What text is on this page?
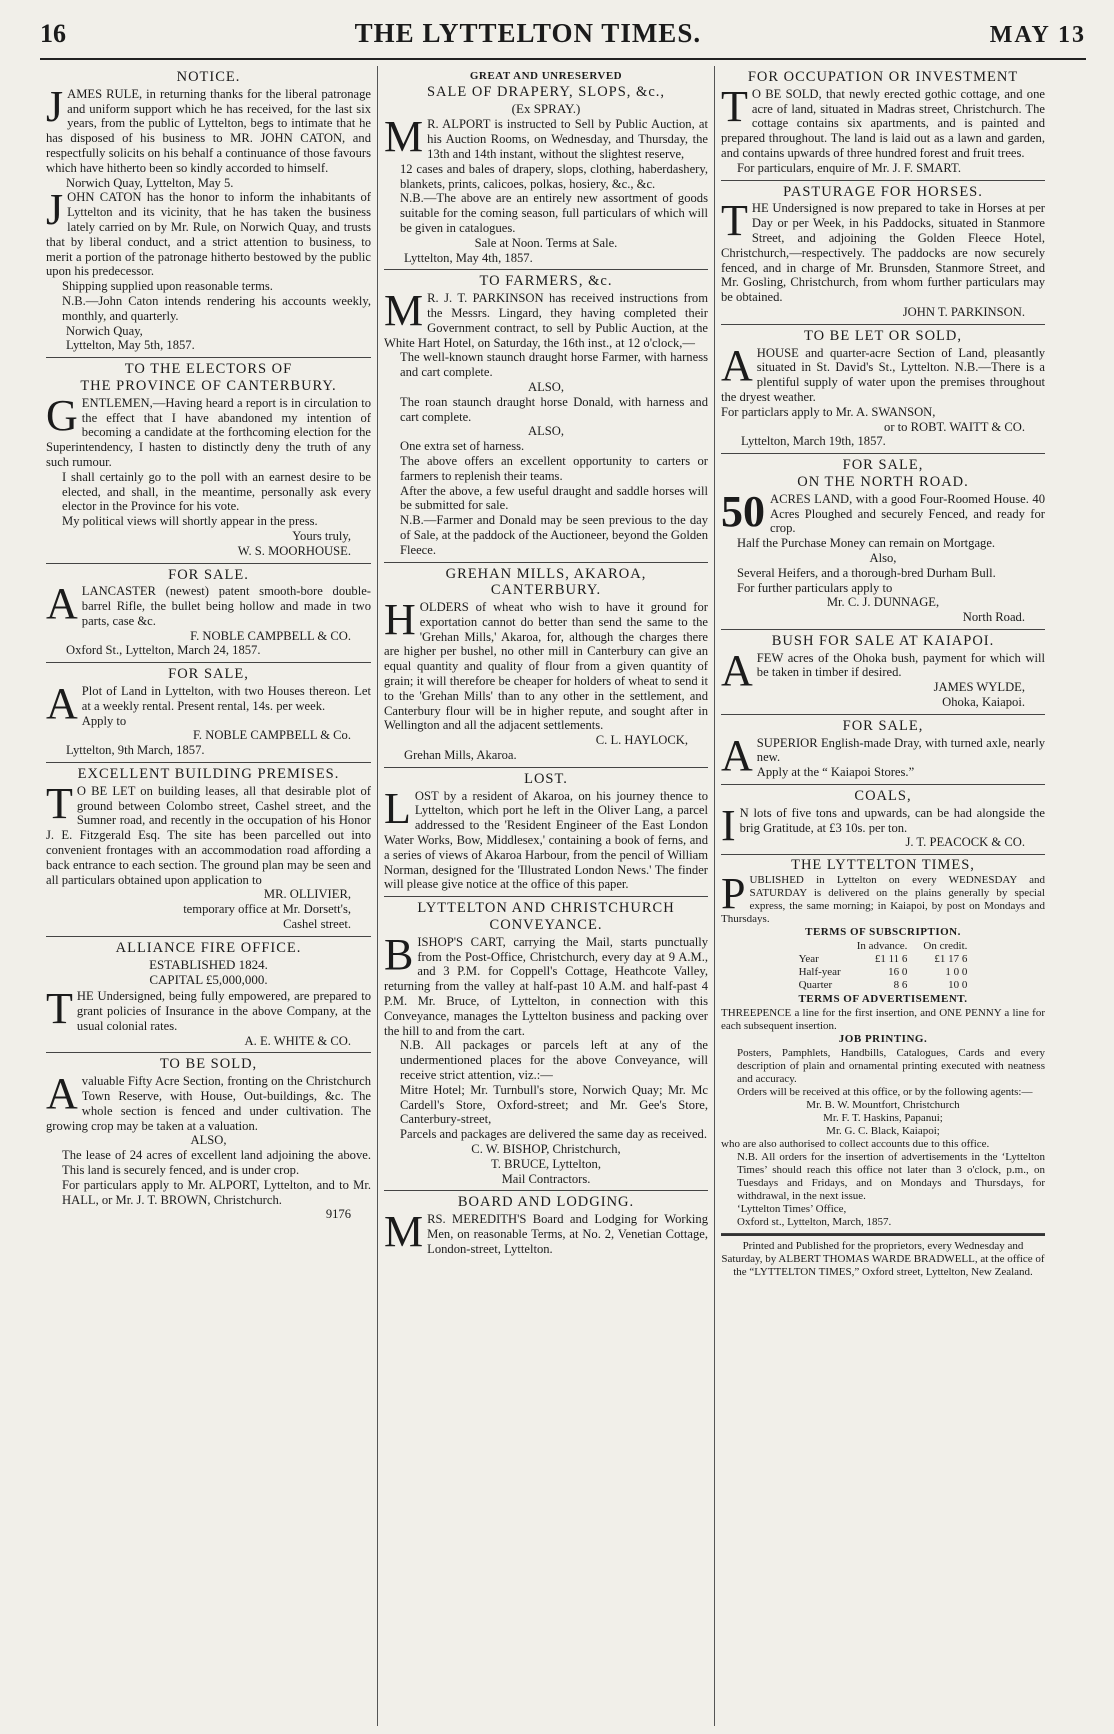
16	THE LYTTELTON TIMES.	MAY 13
NOTICE.

JAMES RULE, in returning thanks for the liberal patronage and uniform support which he has received, for the last six years, from the public of Lyttelton, begs to intimate that he has disposed of his business to MR. JOHN CATON, and respectfully solicits on his behalf a continuance of those favours which have hitherto been so kindly accorded to himself.

Norwich Quay, Lyttelton, May 5.

JOHN CATON has the honor to inform the inhabitants of Lyttelton and its vicinity, that he has taken the business lately carried on by Mr. Rule, on Norwich Quay, and trusts that by liberal conduct, and a strict attention to business, to merit a portion of the patronage hitherto bestowed by the public upon his predecessor.

Shipping supplied upon reasonable terms.

N.B.—John Caton intends rendering his accounts weekly, monthly, and quarterly.

Norwich Quay,

Lyttelton, May 5th, 1857.

TO THE ELECTORS OF
THE PROVINCE OF CANTERBURY.

GENTLEMEN,—Having heard a report is in circulation to the effect that I have abandoned my intention of becoming a candidate at the forthcoming election for the Superintendency, I hasten to distinctly deny the truth of any such rumour.

I shall certainly go to the poll with an earnest desire to be elected, and shall, in the meantime, personally ask every elector in the Province for his vote.

My political views will shortly appear in the press.

Yours truly,

W. S. MOORHOUSE.

FOR SALE.

ALANCASTER (newest) patent smooth-bore double-barrel Rifle, the bullet being hollow and made in two parts, case &c.

F. NOBLE CAMPBELL & CO.

Oxford St., Lyttelton, March 24, 1857.

FOR SALE,

APlot of Land in Lyttelton, with two Houses thereon. Let at a weekly rental. Present rental, 14s. per week.

Apply to

F. NOBLE CAMPBELL & Co.

Lyttelton, 9th March, 1857.

EXCELLENT BUILDING PREMISES.

TO BE LET on building leases, all that desirable plot of ground between Colombo street, Cashel street, and the Sumner road, and recently in the occupation of his Honor J. E. Fitzgerald Esq. The site has been parcelled out into convenient frontages with an accommodation road affording a back entrance to each section. The ground plan may be seen and all particulars obtained upon application to

MR. OLLIVIER,

temporary office at Mr. Dorsett's,

Cashel street.

ALLIANCE FIRE OFFICE.

ESTABLISHED 1824.

CAPITAL £5,000,000.

THE Undersigned, being fully empowered, are prepared to grant policies of Insurance in the above Company, at the usual colonial rates.

A. E. WHITE & CO.

TO BE SOLD,

Avaluable Fifty Acre Section, fronting on the Christchurch Town Reserve, with House, Out-buildings, &c. The whole section is fenced and under cultivation. The growing crop may be taken at a valuation.

ALSO,

The lease of 24 acres of excellent land adjoining the above. This land is securely fenced, and is under crop.

For particulars apply to Mr. ALPORT, Lyttelton, and to Mr. HALL, or Mr. J. T. BROWN, Christchurch.

9176

GREAT AND UNRESERVED
SALE OF DRAPERY, SLOPS, &c.,

(Ex SPRAY.)

MR. ALPORT is instructed to Sell by Public Auction, at his Auction Rooms, on Wednesday, and Thursday, the 13th and 14th instant, without the slightest reserve,

12 cases and bales of drapery, slops, clothing, haberdashery, blankets, prints, calicoes, polkas, hosiery, &c., &c.

N.B.—The above are an entirely new assortment of goods suitable for the coming season, full particulars of which will be given in catalogues.

Sale at Noon. Terms at Sale.

Lyttelton, May 4th, 1857.

TO FARMERS, &c.

MR. J. T. PARKINSON has received instructions from the Messrs. Lingard, they having completed their Government contract, to sell by Public Auction, at the White Hart Hotel, on Saturday, the 16th inst., at 12 o'clock,—

The well-known staunch draught horse Farmer, with harness and cart complete.

ALSO,

The roan staunch draught horse Donald, with harness and cart complete.

ALSO,

One extra set of harness.

The above offers an excellent opportunity to carters or farmers to replenish their teams.

After the above, a few useful draught and saddle horses will be submitted for sale.

N.B.—Farmer and Donald may be seen previous to the day of Sale, at the paddock of the Auctioneer, beyond the Golden Fleece.

GREHAN MILLS, AKAROA,
CANTERBURY.

HOLDERS of wheat who wish to have it ground for exportation cannot do better than send the same to the 'Grehan Mills,' Akaroa, for, although the charges there are higher per bushel, no other mill in Canterbury can give an equal quantity and quality of flour from a given quantity of grain; it will therefore be cheaper for holders of wheat to send it to the 'Grehan Mills' than to any other in the settlement, and Canterbury flour will be in higher repute, and sought after in Wellington and all the adjacent settlements.

C. L. HAYLOCK,

Grehan Mills, Akaroa.

LOST.

LOST by a resident of Akaroa, on his journey thence to Lyttelton, which port he left in the Oliver Lang, a parcel addressed to the 'Resident Engineer of the East London Water Works, Bow, Middlesex,' containing a book of ferns, and a series of views of Akaroa Harbour, from the pencil of William Norman, designed for the 'Illustrated London News.' The finder will please give notice at the office of this paper.

LYTTELTON AND CHRISTCHURCH
CONVEYANCE.

BISHOP'S CART, carrying the Mail, starts punctually from the Post-Office, Christchurch, every day at 9 A.M., and 3 P.M. for Coppell's Cottage, Heathcote Valley, returning from the valley at half-past 10 A.M. and half-past 4 P.M. Mr. Bruce, of Lyttelton, in connection with this Conveyance, manages the Lyttelton business and packing over the hill to and from the cart.

N.B. All packages or parcels left at any of the undermentioned places for the above Conveyance, will receive strict attention, viz.:—

Mitre Hotel; Mr. Turnbull's store, Norwich Quay; Mr. Mc Cardell's Store, Oxford-street; and Mr. Gee's Store, Canterbury-street,

Parcels and packages are delivered the same day as received.

C. W. BISHOP, Christchurch,

T. BRUCE, Lyttelton,

Mail Contractors.

BOARD AND LODGING.

MRS. MEREDITH'S Board and Lodging for Working Men, on reasonable Terms, at No. 2, Venetian Cottage, London-street, Lyttelton.

FOR OCCUPATION OR INVESTMENT

TO BE SOLD, that newly erected gothic cottage, and one acre of land, situated in Madras street, Christchurch. The cottage contains six apartments, and is painted and prepared throughout. The land is laid out as a lawn and garden, and contains upwards of three hundred forest and fruit trees.

For particulars, enquire of Mr. J. F. SMART.

PASTURAGE FOR HORSES.

THE Undersigned is now prepared to take in Horses at per Day or per Week, in his Paddocks, situated in Stanmore Street, and adjoining the Golden Fleece Hotel, Christchurch,—respectively. The paddocks are now securely fenced, and in charge of Mr. Brunsden, Stanmore Street, and Mr. Gosling, Christchurch, from whom further particulars may be obtained.

JOHN T. PARKINSON.

TO BE LET OR SOLD,

AHOUSE and quarter-acre Section of Land, pleasantly situated in St. David's St., Lyttelton. N.B.—There is a plentiful supply of water upon the premises throughout the dryest weather.

For particlars apply to Mr. A. SWANSON,

or to ROBT. WAITT & CO.

Lyttelton, March 19th, 1857.

FOR SALE,
ON THE NORTH ROAD.

50 ACRES LAND, with a good Four-Roomed House. 40 Acres Ploughed and securely Fenced, and ready for crop.

Half the Purchase Money can remain on Mortgage.

Also,

Several Heifers, and a thorough-bred Durham Bull.

For further particulars apply to

Mr. C. J. DUNNAGE,

North Road.

BUSH FOR SALE AT KAIAPOI.

AFEW acres of the Ohoka bush, payment for which will be taken in timber if desired.

JAMES WYLDE,

Ohoka, Kaiapoi.

FOR SALE,

ASUPERIOR English-made Dray, with turned axle, nearly new.

Apply at the “ Kaiapoi Stores.”

COALS,

IN lots of five tons and upwards, can be had alongside the brig Gratitude, at £3 10s. per ton.

J. T. PEACOCK & CO.

THE LYTTELTON TIMES,

PUBLISHED in Lyttelton on every WEDNESDAY and SATURDAY is delivered on the plains generally by special express, the same morning; in Kaiapoi, by post on Mondays and Thursdays.

TERMS OF SUBSCRIPTION.
	In advance.	On credit.
Year	£1 11 6	£1 17 6
Half-year	16 0	1 0 0
Quarter	8 6	10 0
TERMS OF ADVERTISEMENT.

THREEPENCE a line for the first insertion, and ONE PENNY a line for each subsequent insertion.

JOB PRINTING.

Posters, Pamphlets, Handbills, Catalogues, Cards and every description of plain and ornamental printing executed with neatness and accuracy.

Orders will be received at this office, or by the following agents:—

Mr. B. W. Mountfort, Christchurch

Mr. F. T. Haskins, Papanui;

Mr. G. C. Black, Kaiapoi;

who are also authorised to collect accounts due to this office.

N.B. All orders for the insertion of advertisements in the ‘Lyttelton Times’ should reach this office not later than 3 o'clock, p.m., on Tuesdays and Fridays, and on Mondays and Thursdays, for withdrawal, in the next issue.

‘Lyttelton Times’ Office,

Oxford st., Lyttelton, March, 1857.

Printed and Published for the proprietors, every Wednesday and Saturday, by ALBERT THOMAS WARDE BRADWELL, at the office of the “LYTTELTON TIMES,” Oxford street, Lyttelton, New Zealand.
